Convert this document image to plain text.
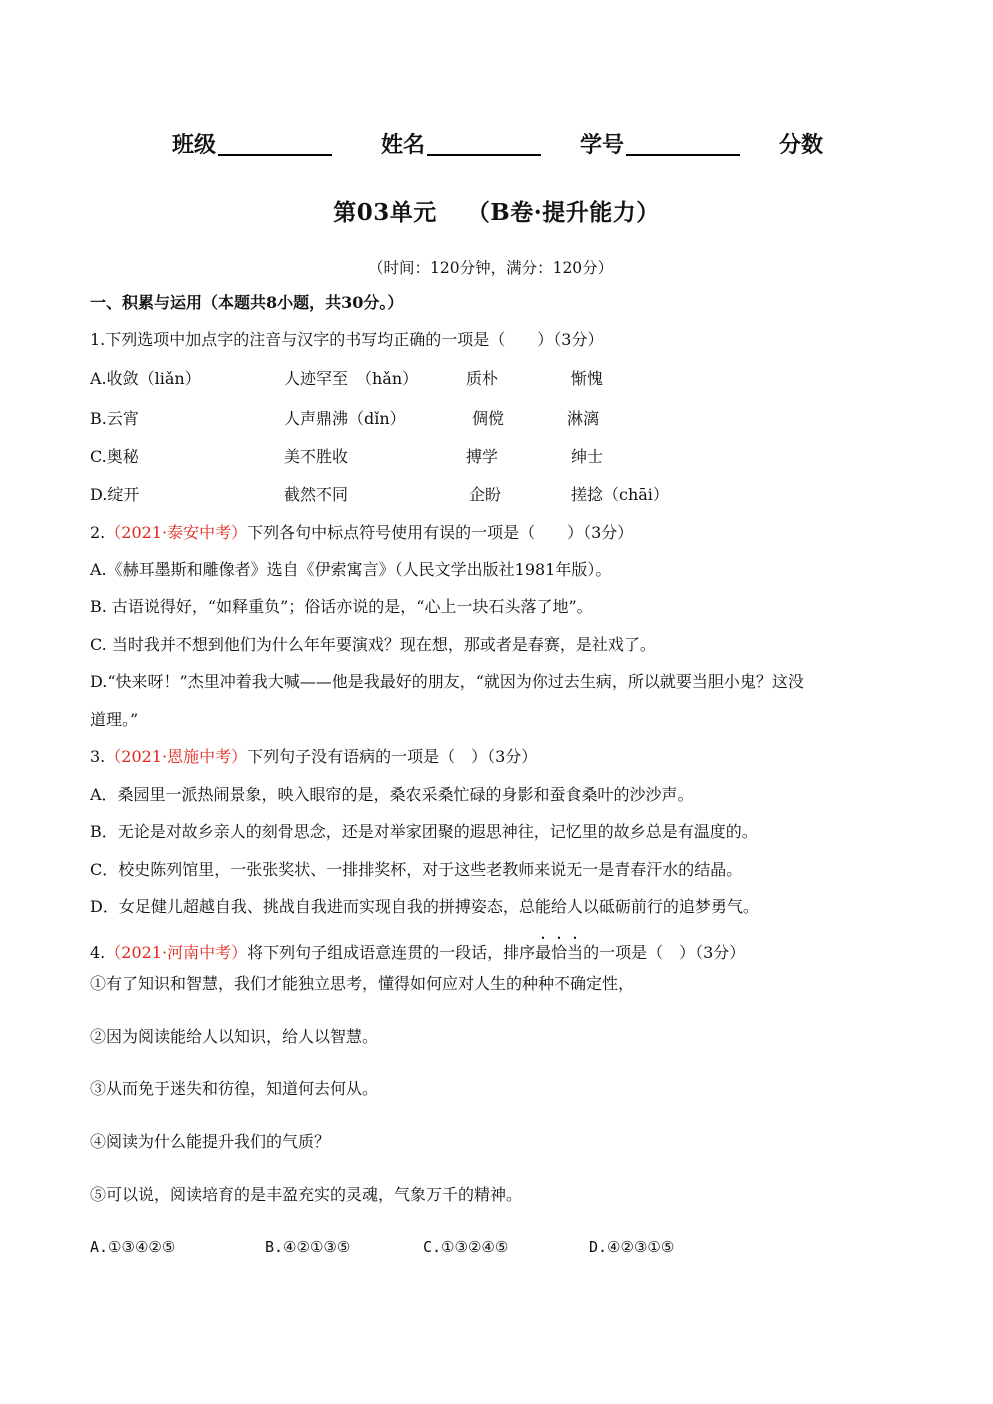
班级	姓名	学号	分数
第03单元 （B卷·提升能力）
（时间：120分钟，满分：120分）
一、积累与运用（本题共8小题，共30分。）
1.下列选项中加点字的注音与汉字的书写均正确的一项是（　　）（3分）
A.收敛（liǎn）	人迹罕至　（hǎn）	质朴	惭愧
B.云宵	人声鼎沸（dǐn）	倜傥	淋漓
C.奥秘	美不胜收	搏学	绅士
D.绽开	截然不同	企盼	搓捻（chāi）
2.（2021·泰安中考）下列各句中标点符号使用有误的一项是（　　）（3分）
A.《赫耳墨斯和雕像者》选自《伊索寓言》（人民文学出版社1981年版）。
B. 古语说得好，“如释重负”；俗话亦说的是，“心上一块石头落了地”。
C. 当时我并不想到他们为什么年年要演戏？现在想，那或者是春赛，是社戏了。
D.“快来呀！”杰里冲着我大喊——他是我最好的朋友，“就因为你过去生病，所以就要当胆小鬼？这没
道理。”
3.（2021·恩施中考）下列句子没有语病的一项是（　）（3分）
A．桑园里一派热闹景象，映入眼帘的是，桑农采桑忙碌的身影和蚕食桑叶的沙沙声。
B．无论是对故乡亲人的刻骨思念，还是对举家团聚的遐思神往，记忆里的故乡总是有温度的。
C．校史陈列馆里，一张张奖状、一排排奖杯，对于这些老教师来说无一是青春汗水的结晶。
D．女足健儿超越自我、挑战自我进而实现自我的拼搏姿态，总能给人以砥砺前行的追梦勇气。
4.（2021·河南中考）将下列句子组成语意连贯的一段话，排序最恰当的一项是（　）（3分）
①有了知识和智慧，我们才能独立思考，懂得如何应对人生的种种不确定性，
②因为阅读能给人以知识，给人以智慧。
③从而免于迷失和彷徨，知道何去何从。
④阅读为什么能提升我们的气质？
⑤可以说，阅读培育的是丰盈充实的灵魂，气象万千的精神。
A.①③④②⑤	B.④②①③⑤	C.①③②④⑤	D.④②③①⑤
